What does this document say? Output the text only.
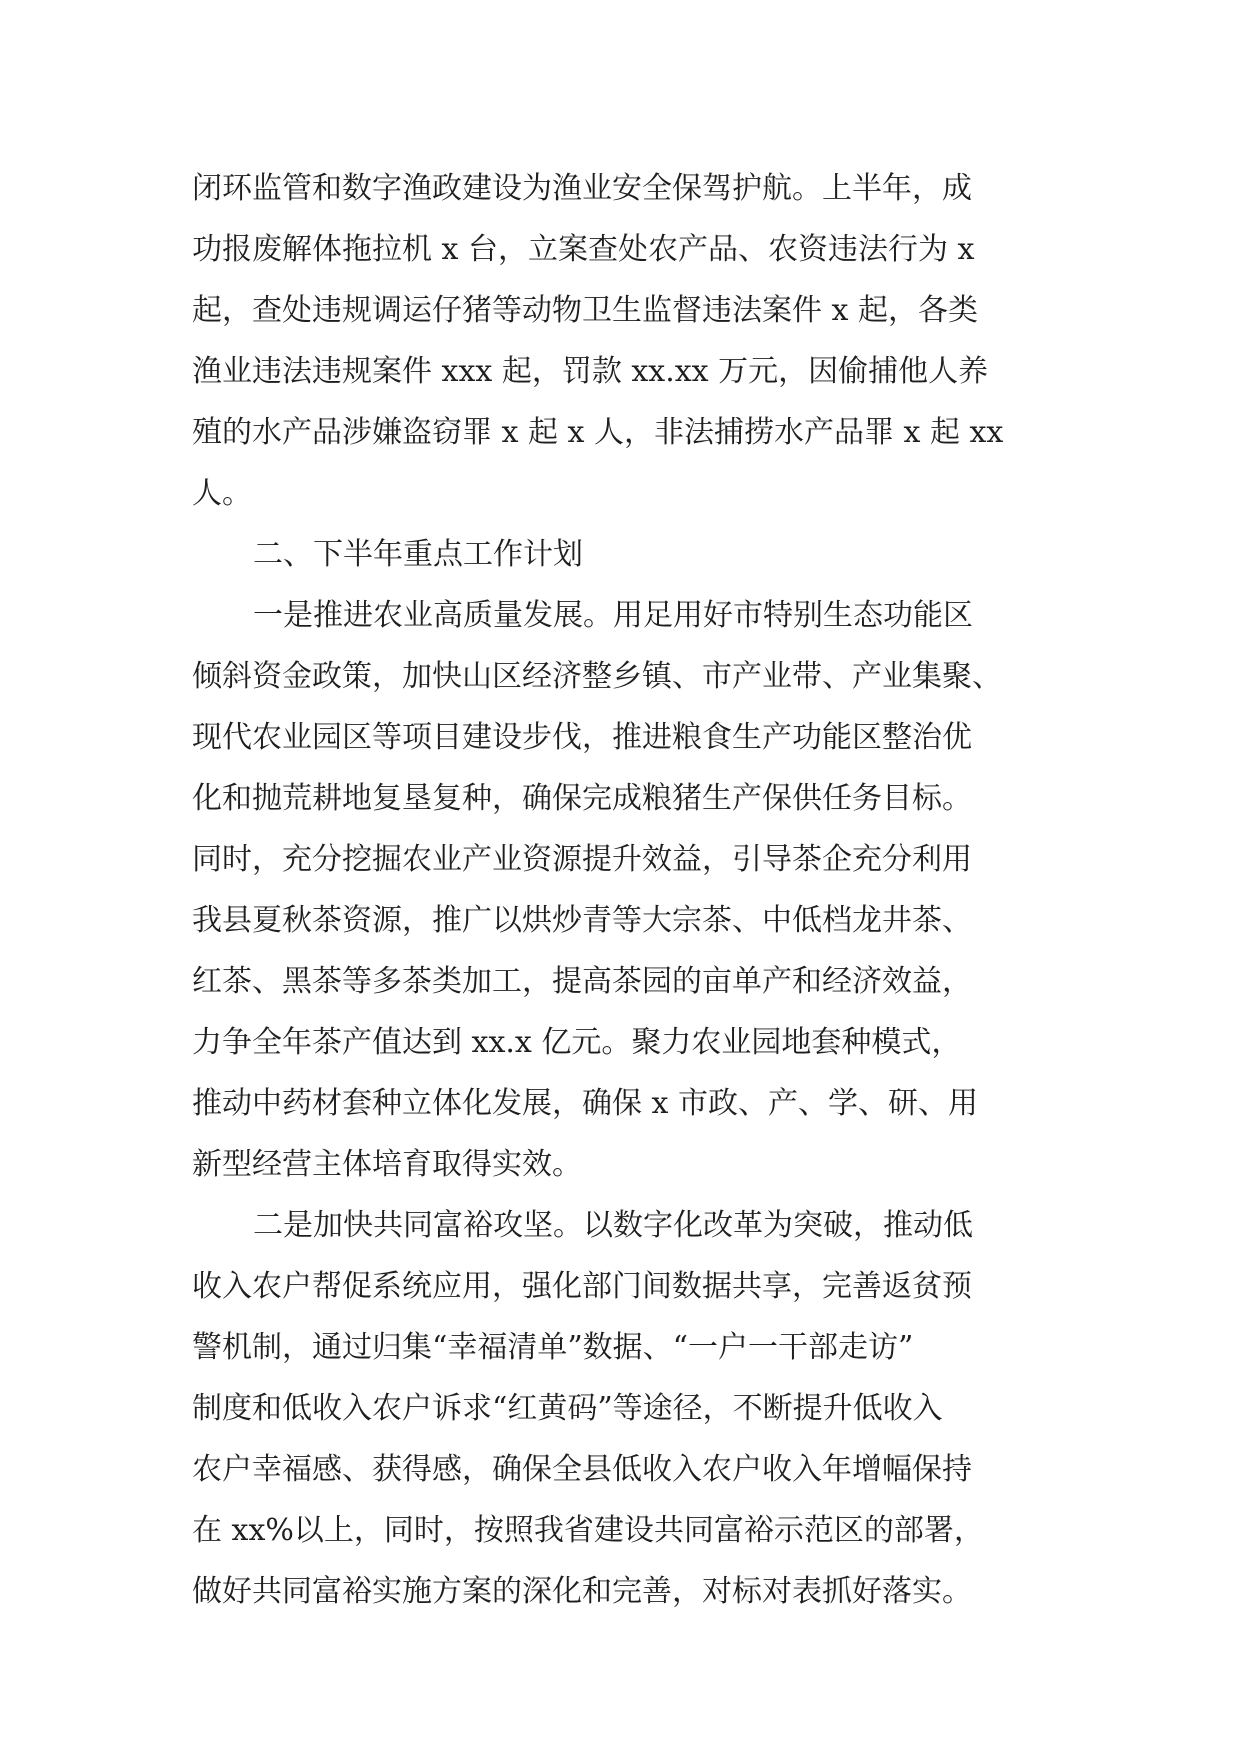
闭环监管和数字渔政建设为渔业安全保驾护航。上半年，成
功报废解体拖拉机 x 台，立案查处农产品、农资违法行为 x
起，查处违规调运仔猪等动物卫生监督违法案件 x 起，各类
渔业违法违规案件 xxx 起，罚款 xx.xx 万元，因偷捕他人养
殖的水产品涉嫌盗窃罪 x 起 x 人，非法捕捞水产品罪 x 起 xx
人。
二、下半年重点工作计划
一是推进农业高质量发展。用足用好市特别生态功能区
倾斜资金政策，加快山区经济整乡镇、市产业带、产业集聚、
现代农业园区等项目建设步伐，推进粮食生产功能区整治优
化和抛荒耕地复垦复种，确保完成粮猪生产保供任务目标。
同时，充分挖掘农业产业资源提升效益，引导茶企充分利用
我县夏秋茶资源，推广以烘炒青等大宗茶、中低档龙井茶、
红茶、黑茶等多茶类加工，提高茶园的亩单产和经济效益，
力争全年茶产值达到 xx.x 亿元。聚力农业园地套种模式，
推动中药材套种立体化发展，确保 x 市政、产、学、研、用
新型经营主体培育取得实效。
二是加快共同富裕攻坚。以数字化改革为突破，推动低
收入农户帮促系统应用，强化部门间数据共享，完善返贫预
警机制，通过归集“幸福清单”数据、“一户一干部走访”
制度和低收入农户诉求“红黄码”等途径，不断提升低收入
农户幸福感、获得感，确保全县低收入农户收入年增幅保持
在 xx%以上，同时，按照我省建设共同富裕示范区的部署，
做好共同富裕实施方案的深化和完善，对标对表抓好落实。
